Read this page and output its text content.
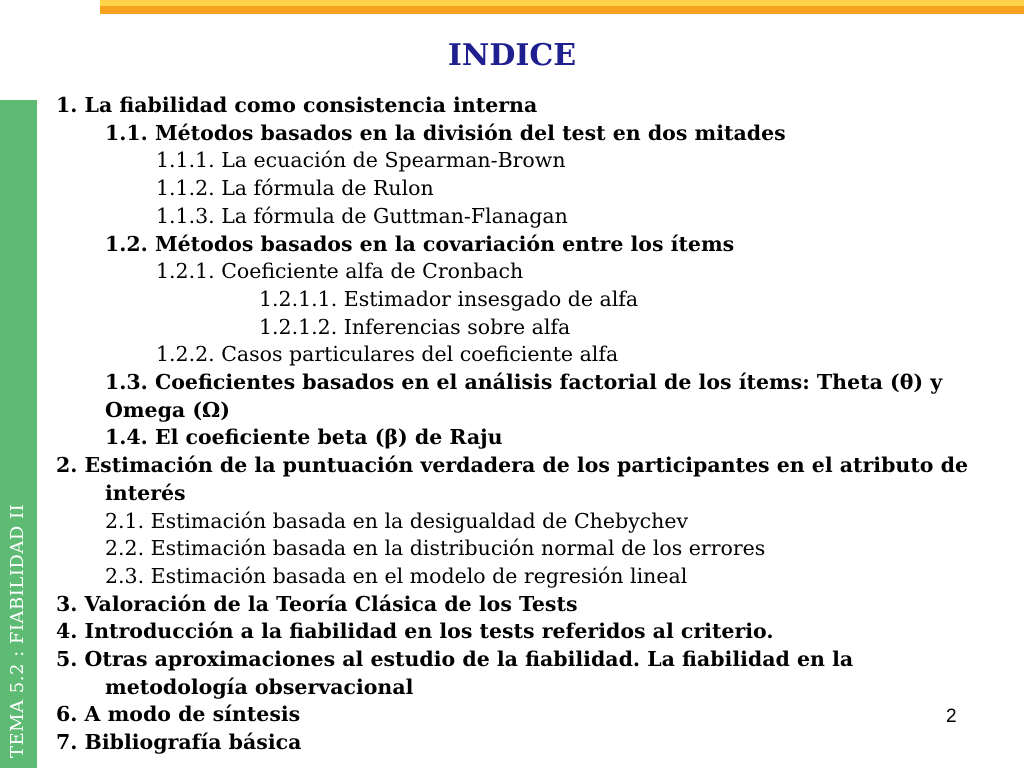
TEMA 5.2 : FIABILIDAD II
INDICE
1. La fiabilidad como consistencia interna
1.1. Métodos basados en la división del test en dos mitades
1.1.1. La ecuación de Spearman-Brown
1.1.2. La fórmula de Rulon
1.1.3. La fórmula de Guttman-Flanagan
1.2. Métodos basados en la covariación entre los ítems
1.2.1. Coeficiente alfa de Cronbach
1.2.1.1. Estimador insesgado de alfa
1.2.1.2. Inferencias sobre alfa
1.2.2. Casos particulares del coeficiente alfa
1.3. Coeficientes basados en el análisis factorial de los ítems: Theta (θ) y
Omega (Ω)
1.4. El coeficiente beta (β) de Raju
2. Estimación de la puntuación verdadera de los participantes en el atributo de
interés
2.1. Estimación basada en la desigualdad de Chebychev
2.2. Estimación basada en la distribución normal de los errores
2.3. Estimación basada en el modelo de regresión lineal
3. Valoración de la Teoría Clásica de los Tests
4. Introducción a la fiabilidad en los tests referidos al criterio.
5. Otras aproximaciones al estudio de la fiabilidad. La fiabilidad en la
metodología observacional
6. A modo de síntesis
7. Bibliografía básica
2
